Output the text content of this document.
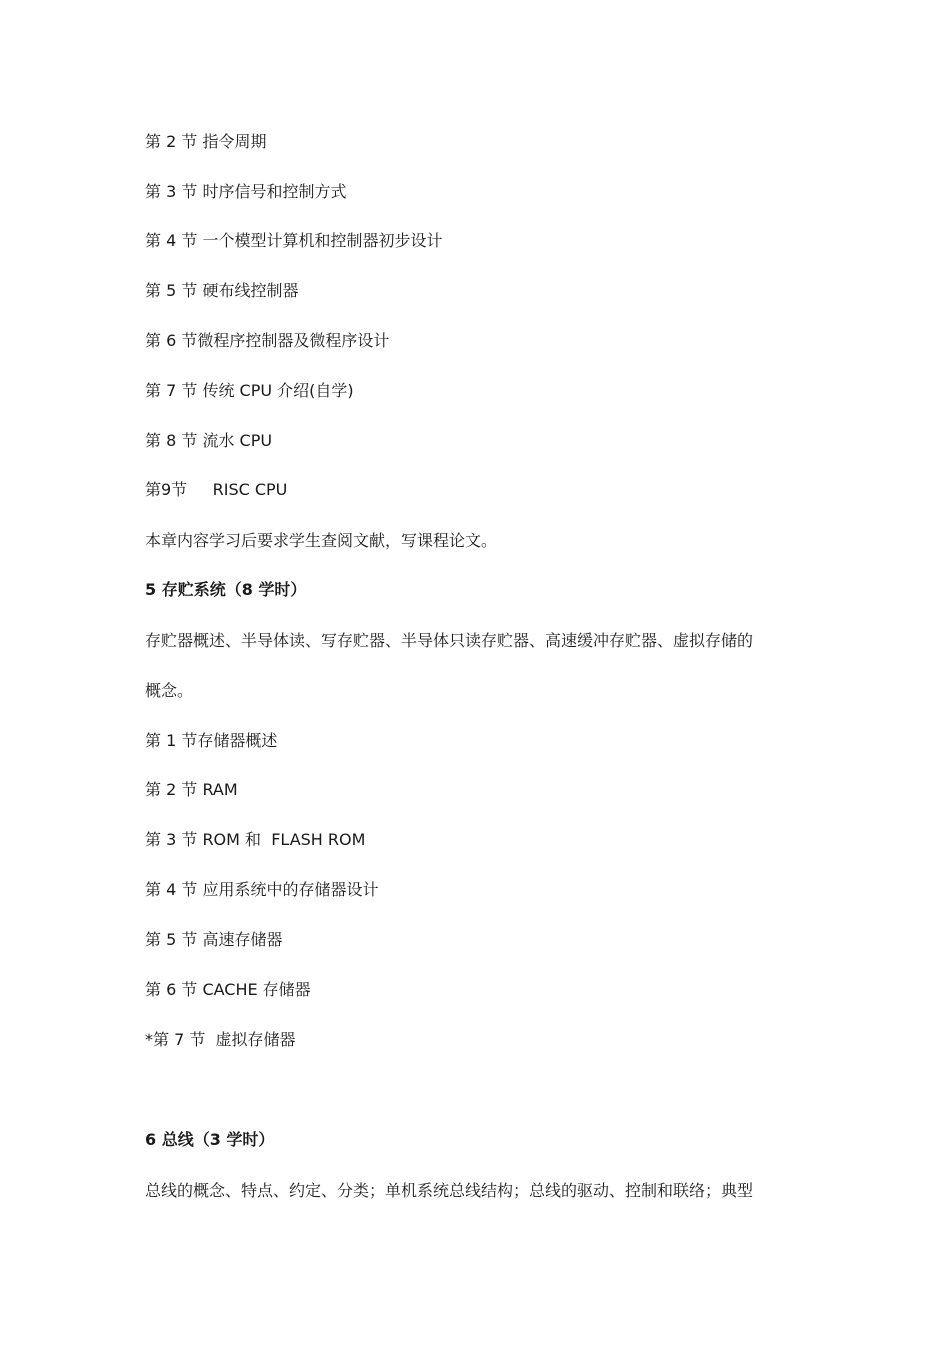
第 2 节 指令周期
第 3 节 时序信号和控制方式
第 4 节 一个模型计算机和控制器初步设计
第 5 节 硬布线控制器
第 6 节微程序控制器及微程序设计
第 7 节 传统 CPU 介绍(自学)
第 8 节 流水 CPU
第9节     RISC CPU
本章内容学习后要求学生查阅文献，写课程论文。
5 存贮系统（8 学时）
存贮器概述、半导体读、写存贮器、半导体只读存贮器、高速缓冲存贮器、虚拟存储的
概念。
第 1 节存储器概述
第 2 节 RAM
第 3 节 ROM 和  FLASH ROM
第 4 节 应用系统中的存储器设计
第 5 节 高速存储器
第 6 节 CACHE 存储器
*第 7 节  虚拟存储器
6 总线（3 学时）
总线的概念、特点、约定、分类；单机系统总线结构；总线的驱动、控制和联络；典型
